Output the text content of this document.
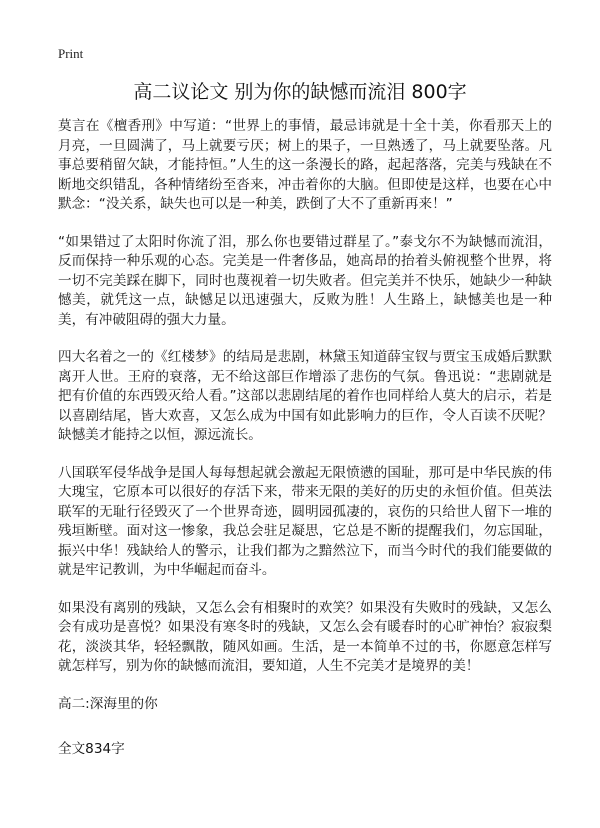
Print
高二议论文 别为你的缺憾而流泪 800字

莫言在《檀香刑》中写道：“世界上的事情，最忌讳就是十全十美，你看那天上的月亮，一旦圆满了，马上就要亏厌；树上的果子，一旦熟透了，马上就要坠落。凡事总要稍留欠缺，才能持恒。”人生的这一条漫长的路，起起落落，完美与残缺在不断地交织错乱，各种情绪纷至沓来，冲击着你的大脑。但即使是这样，也要在心中默念：“没关系，缺失也可以是一种美，跌倒了大不了重新再来！”

“如果错过了太阳时你流了泪，那么你也要错过群星了。”泰戈尔不为缺憾而流泪，反而保持一种乐观的心态。完美是一件奢侈品，她高昂的抬着头俯视整个世界，将一切不完美踩在脚下，同时也蔑视着一切失败者。但完美并不快乐，她缺少一种缺憾美，就凭这一点，缺憾足以迅速强大，反败为胜！人生路上，缺憾美也是一种美，有冲破阻碍的强大力量。

四大名着之一的《红楼梦》的结局是悲剧，林黛玉知道薛宝钗与贾宝玉成婚后默默离开人世。王府的衰落，无不给这部巨作增添了悲伤的气氛。鲁迅说：“悲剧就是把有价值的东西毁灭给人看。”这部以悲剧结尾的着作也同样给人莫大的启示，若是以喜剧结尾，皆大欢喜，又怎么成为中国有如此影响力的巨作，令人百读不厌呢？缺憾美才能持之以恒，源远流长。

八国联军侵华战争是国人每每想起就会激起无限愤懑的国耻，那可是中华民族的伟大瑰宝，它原本可以很好的存活下来，带来无限的美好的历史的永恒价值。但英法联军的无耻行径毁灭了一个世界奇迹，圆明园孤凄的，哀伤的只给世人留下一堆的残垣断壁。面对这一惨象，我总会驻足凝思，它总是不断的提醒我们，勿忘国耻，振兴中华！残缺给人的警示，让我们都为之黯然泣下，而当今时代的我们能要做的就是牢记教训，为中华崛起而奋斗。

如果没有离别的残缺，又怎么会有相聚时的欢笑？如果没有失败时的残缺，又怎么会有成功是喜悦？如果没有寒冬时的残缺，又怎么会有暖春时的心旷神怡？寂寂梨花，淡淡其华，轻轻飘散，随风如画。生活，是一本简单不过的书，你愿意怎样写就怎样写，别为你的缺憾而流泪，要知道，人生不完美才是境界的美！

高二:深海里的你

全文834字
